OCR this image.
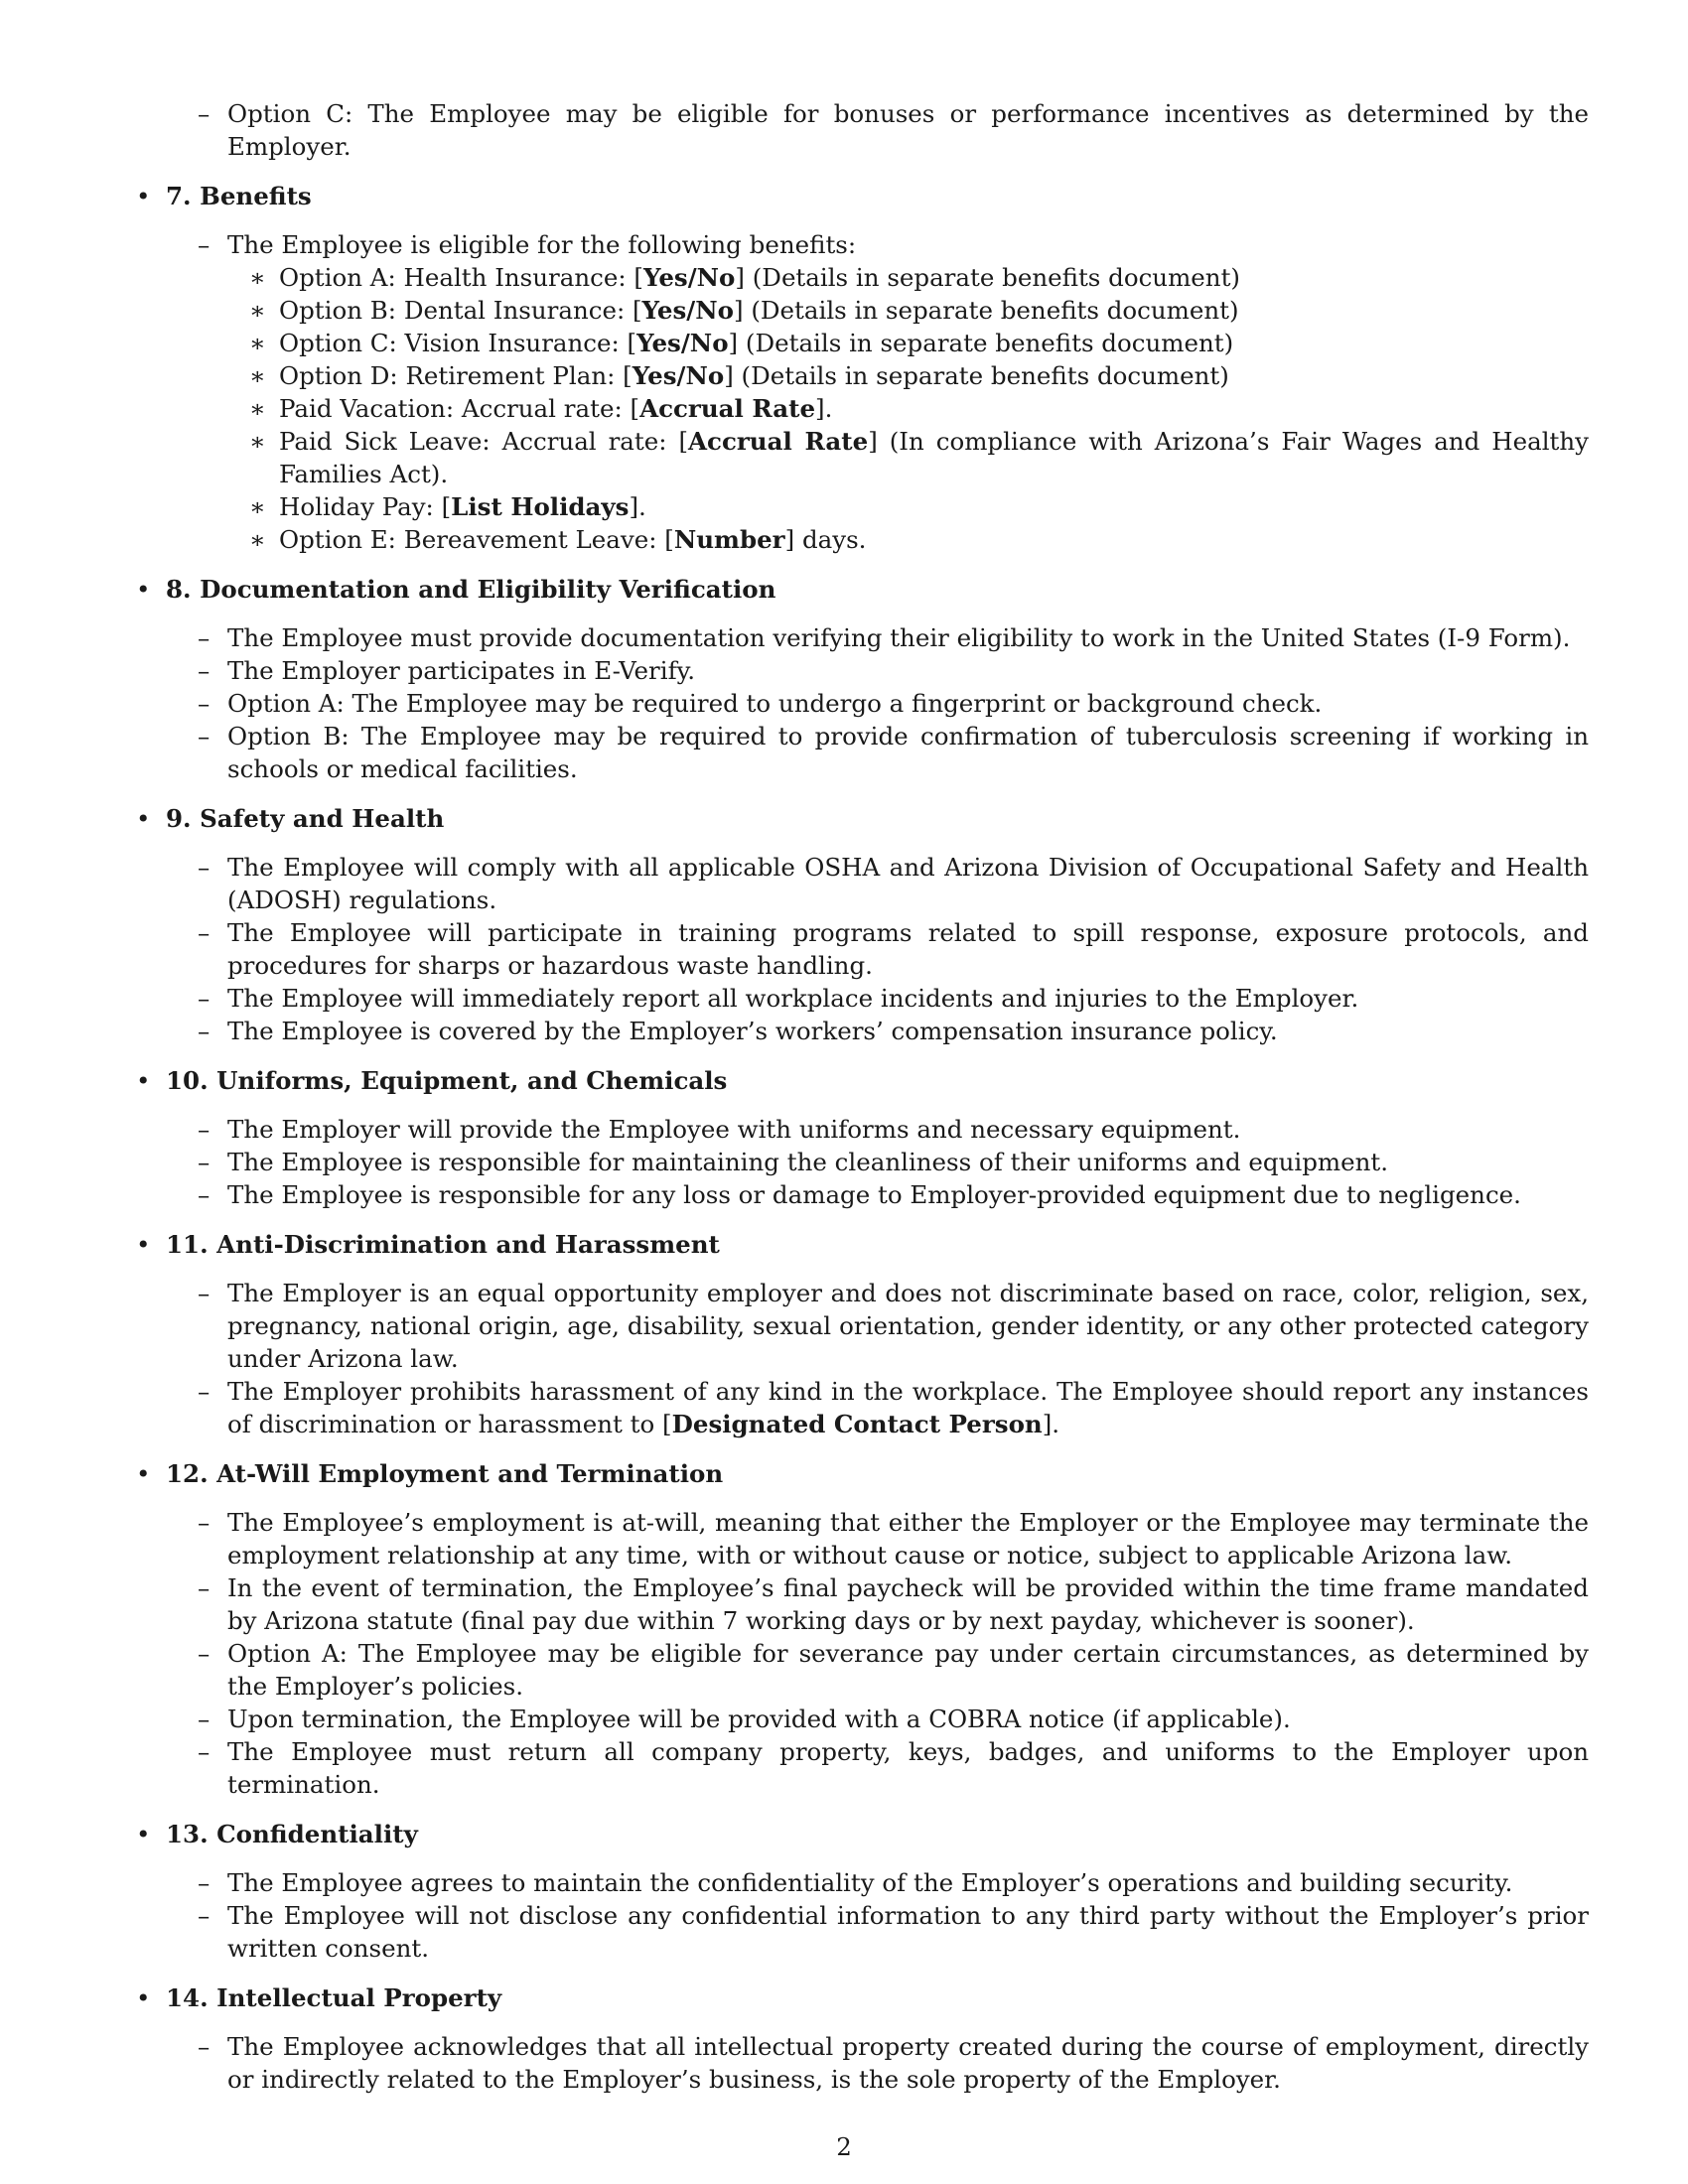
– Option C: The Employee may be eligible for bonuses or performance incentives as determined by the Employer.
• 7. Benefits
– The Employee is eligible for the following benefits:
∗ Option A: Health Insurance: [Yes/No] (Details in separate benefits document)
∗ Option B: Dental Insurance: [Yes/No] (Details in separate benefits document)
∗ Option C: Vision Insurance: [Yes/No] (Details in separate benefits document)
∗ Option D: Retirement Plan: [Yes/No] (Details in separate benefits document)
∗ Paid Vacation: Accrual rate: [Accrual Rate].
∗ Paid Sick Leave: Accrual rate: [Accrual Rate] (In compliance with Arizona’s Fair Wages and Healthy Families Act).
∗ Holiday Pay: [List Holidays].
∗ Option E: Bereavement Leave: [Number] days.
• 8. Documentation and Eligibility Verification
– The Employee must provide documentation verifying their eligibility to work in the United States (I-9 Form).
– The Employer participates in E-Verify.
– Option A: The Employee may be required to undergo a fingerprint or background check.
– Option B: The Employee may be required to provide confirmation of tuberculosis screening if working in schools or medical facilities.
• 9. Safety and Health
– The Employee will comply with all applicable OSHA and Arizona Division of Occupational Safety and Health (ADOSH) regulations.
– The Employee will participate in training programs related to spill response, exposure protocols, and procedures for sharps or hazardous waste handling.
– The Employee will immediately report all workplace incidents and injuries to the Employer.
– The Employee is covered by the Employer’s workers’ compensation insurance policy.
• 10. Uniforms, Equipment, and Chemicals
– The Employer will provide the Employee with uniforms and necessary equipment.
– The Employee is responsible for maintaining the cleanliness of their uniforms and equipment.
– The Employee is responsible for any loss or damage to Employer-provided equipment due to negligence.
• 11. Anti-Discrimination and Harassment
– The Employer is an equal opportunity employer and does not discriminate based on race, color, religion, sex, pregnancy, national origin, age, disability, sexual orientation, gender identity, or any other protected category under Arizona law.
– The Employer prohibits harassment of any kind in the workplace. The Employee should report any instances of discrimination or harassment to [Designated Contact Person].
• 12. At-Will Employment and Termination
– The Employee’s employment is at-will, meaning that either the Employer or the Employee may terminate the employment relationship at any time, with or without cause or notice, subject to applicable Arizona law.
– In the event of termination, the Employee’s final paycheck will be provided within the time frame mandated by Arizona statute (final pay due within 7 working days or by next payday, whichever is sooner).
– Option A: The Employee may be eligible for severance pay under certain circumstances, as determined by the Employer’s policies.
– Upon termination, the Employee will be provided with a COBRA notice (if applicable).
– The Employee must return all company property, keys, badges, and uniforms to the Employer upon termination.
• 13. Confidentiality
– The Employee agrees to maintain the confidentiality of the Employer’s operations and building security.
– The Employee will not disclose any confidential information to any third party without the Employer’s prior written consent.
• 14. Intellectual Property
– The Employee acknowledges that all intellectual property created during the course of employment, directly or indirectly related to the Employer’s business, is the sole property of the Employer.
2
